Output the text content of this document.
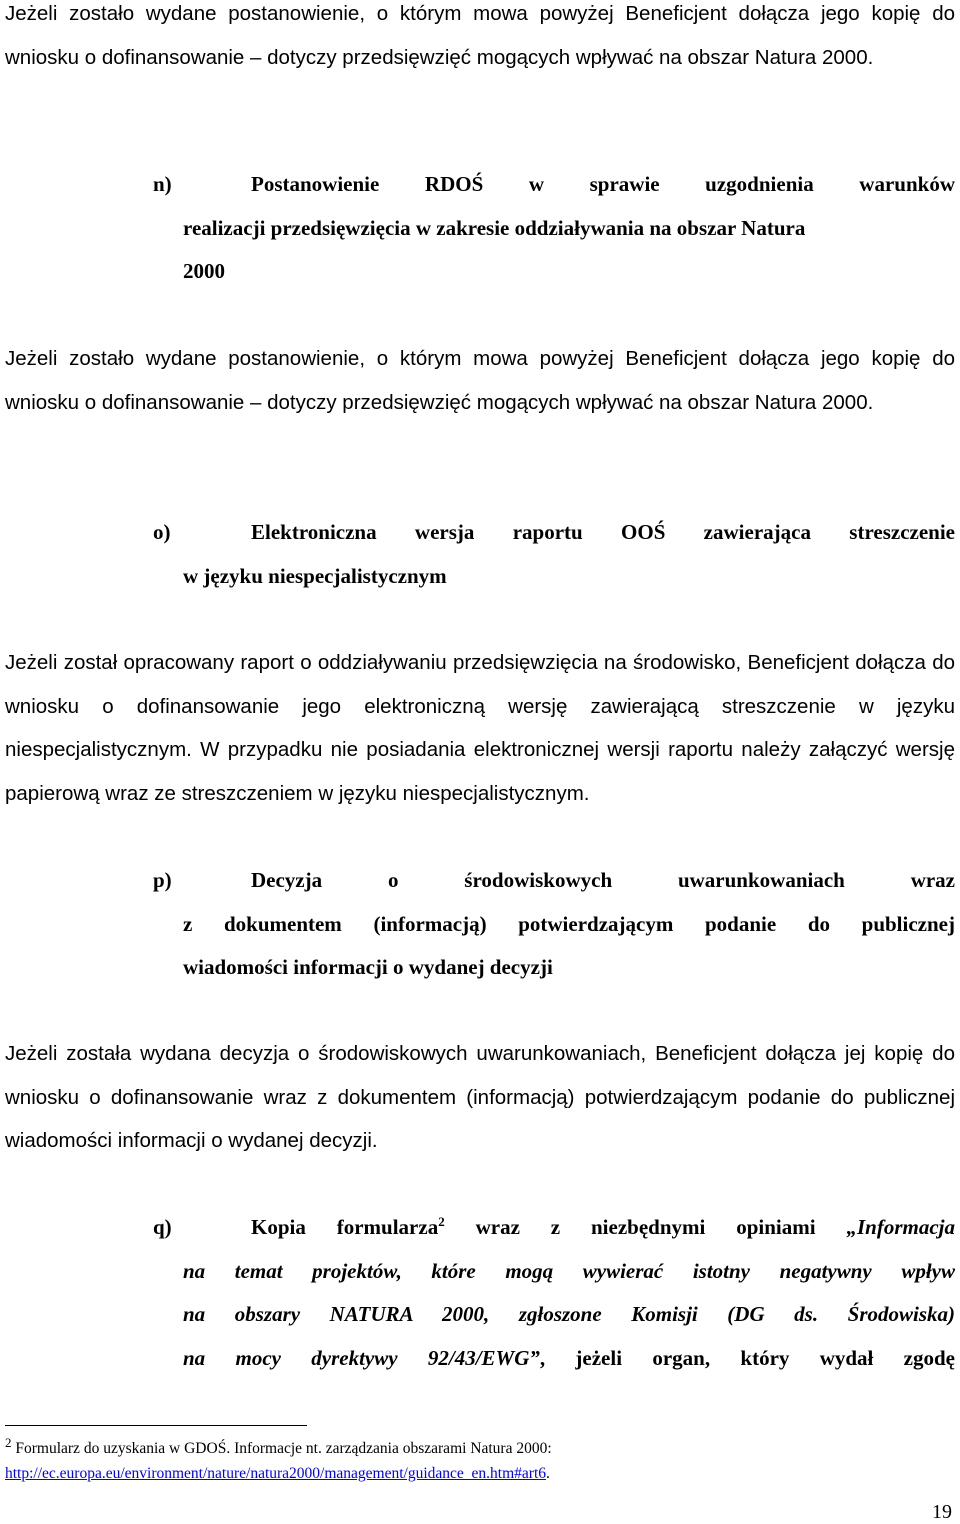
Jeżeli zostało wydane postanowienie, o którym mowa powyżej Beneficjent dołącza jego kopię do wniosku o dofinansowanie – dotyczy przedsięwzięć mogących wpływać na obszar Natura 2000.

n)	Postanowienie RDOŚ w sprawie uzgodnienia warunków
realizacji przedsięwzięcia w zakresie oddziaływania na obszar Natura
2000

Jeżeli zostało wydane postanowienie, o którym mowa powyżej Beneficjent dołącza jego kopię do wniosku o dofinansowanie – dotyczy przedsięwzięć mogących wpływać na obszar Natura 2000.

o)	Elektroniczna wersja raportu OOŚ zawierająca streszczenie
w języku niespecjalistycznym

Jeżeli został opracowany raport o oddziaływaniu przedsięwzięcia na środowisko, Beneficjent dołącza do wniosku o dofinansowanie jego elektroniczną wersję zawierającą streszczenie w języku niespecjalistycznym. W przypadku nie posiadania elektronicznej wersji raportu należy załączyć wersję papierową wraz ze streszczeniem w języku niespecjalistycznym.

p)	Decyzja o środowiskowych uwarunkowaniach wraz
z dokumentem (informacją) potwierdzającym podanie do publicznej
wiadomości informacji o wydanej decyzji

Jeżeli została wydana decyzja o środowiskowych uwarunkowaniach, Beneficjent dołącza jej kopię do wniosku o dofinansowanie wraz z dokumentem (informacją) potwierdzającym podanie do publicznej wiadomości informacji o wydanej decyzji.

q)	Kopia formularza$^2$ wraz z niezbędnymi opiniami „Informacja
na temat projektów, które mogą wywierać istotny negatywny wpływ
na obszary NATURA 2000, zgłoszone Komisji (DG ds. Środowiska)
na mocy dyrektywy 92/43/EWG”, jeżeli organ, który wydał zgodę

$^2$ Formularz do uzyskania w GDOŚ. Informacje nt. zarządzania obszarami Natura 2000:
http://ec.europa.eu/environment/nature/natura2000/management/guidance_en.htm#art6.

19
